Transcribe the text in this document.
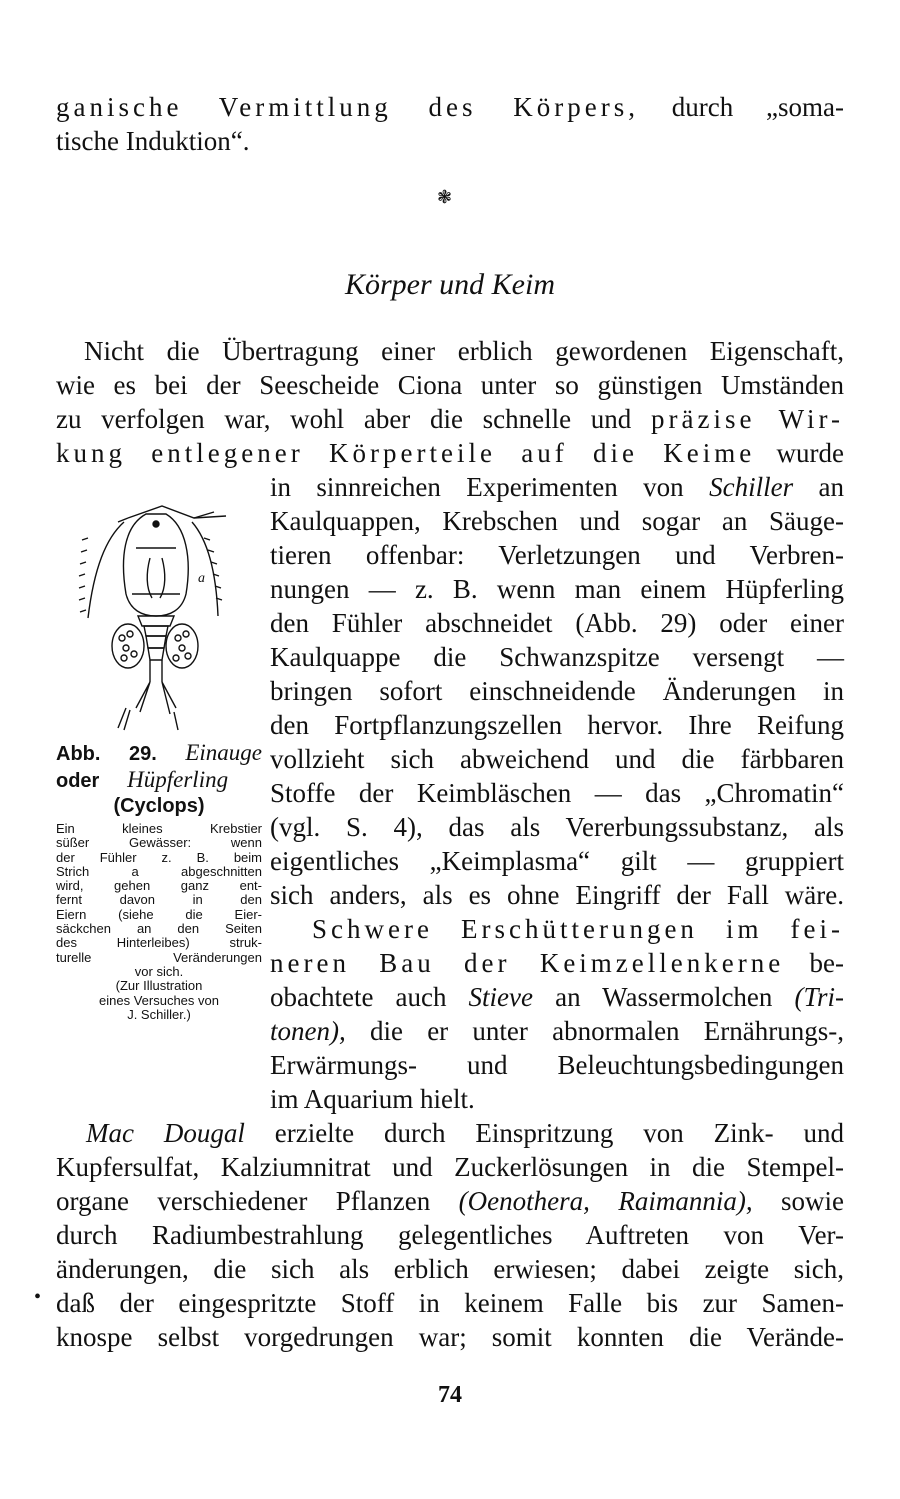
ganische Vermittlung des Körpers, durch „soma-
tische Induktion“.
❃
Körper und Keim
Nicht die Übertragung einer erblich gewordenen Eigenschaft,
wie es bei der Seescheide Ciona unter so günstigen Umständen
zu verfolgen war, wohl aber die schnelle und präzise Wir-
kung entlegener Körperteile auf die Keime wurde
in sinnreichen Experimenten von Schiller an
Kaulquappen, Krebschen und sogar an Säuge-
tieren offenbar: Verletzungen und Verbren-
nungen — z. B. wenn man einem Hüpferling
den Fühler abschneidet (Abb. 29) oder einer
Kaulquappe die Schwanzspitze versengt —
bringen sofort einschneidende Änderungen in
den Fortpflanzungszellen hervor. Ihre Reifung
vollzieht sich abweichend und die färbbaren
Stoffe der Keimbläschen — das „Chromatin“
(vgl. S. 4), das als Vererbungssubstanz, als
eigentliches „Keimplasma“ gilt — gruppiert
sich anders, als es ohne Eingriff der Fall wäre.
Schwere Erschütterungen im fei-
neren Bau der Keimzellenkerne be-
obachtete auch Stieve an Wassermolchen (Tri-
tonen), die er unter abnormalen Ernährungs-,
Erwärmungs- und Beleuchtungsbedingungen
im Aquarium hielt.
Mac Dougal erzielte durch Einspritzung von Zink- und
Kupfersulfat, Kalziumnitrat und Zuckerlösungen in die Stempel-
organe verschiedener Pflanzen (Oenothera, Raimannia), sowie
durch Radiumbestrahlung gelegentliches Auftreten von Ver-
änderungen, die sich als erblich erwiesen; dabei zeigte sich,
daß der eingespritzte Stoff in keinem Falle bis zur Samen-
knospe selbst vorgedrungen war; somit konnten die Verände-
•
a
Abb. 29. Einauge
oder     Hüpferling
(Cyclops)
Ein kleines Krebstier
süßer Gewässer: wenn
der Fühler z. B. beim
Strich a abgeschnitten
wird, gehen ganz ent-
fernt davon in den
Eiern (siehe die Eier-
säckchen an den Seiten
des Hinterleibes) struk-
turelle Veränderungen
vor sich.
(Zur Illustration
eines Versuches von
J. Schiller.)
74
